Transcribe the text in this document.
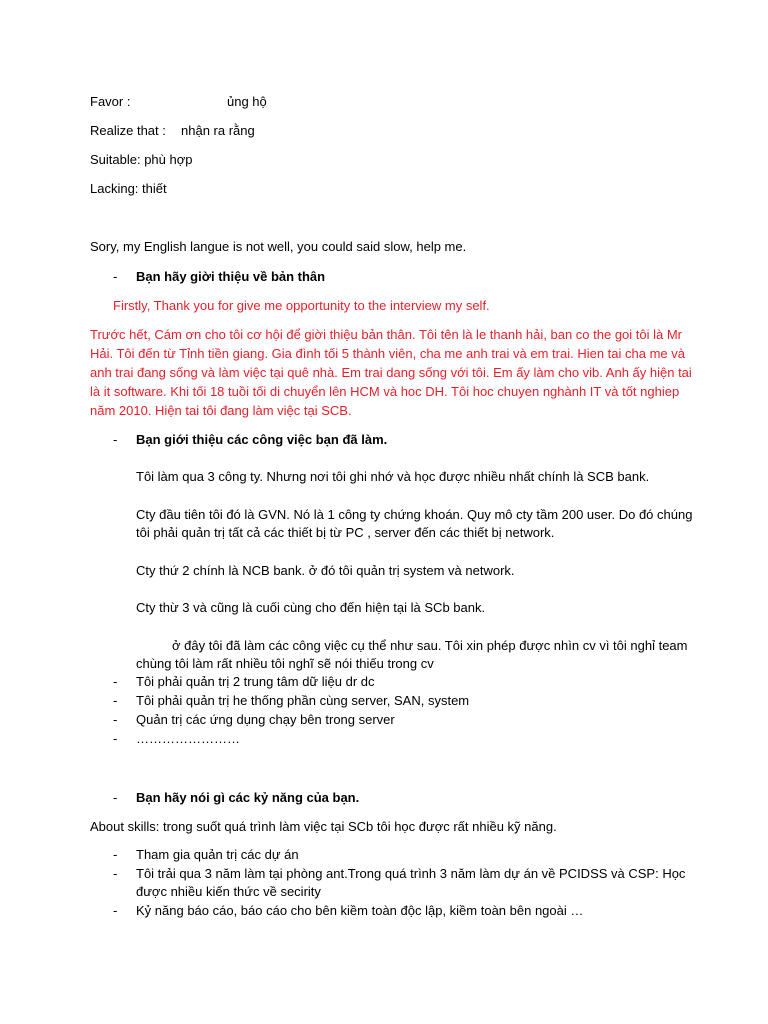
Favor :	ủng hộ
Realize that : nhận ra rằng
Suitable: phù hợp
Lacking: thiết
Sory, my English langue is not well, you could said slow, help me.
- Bạn hãy giời thiệu về bản thân
Firstly, Thank you for give me opportunity to the interview my self.
Trước hết, Cám ơn cho tôi cơ hội để giời thiệu bản thân. Tôi tên là le thanh hải, ban co the goi tôi là Mr
Hải. Tôi đến từ Tỉnh tiền giang. Gia đình tối 5 thành viên, cha me anh trai và em trai. Hien tai cha me và
anh trai đang sống và làm việc tại quê nhà. Em trai dang sống với tôi. Em ấy làm cho vib. Anh ấy hiện tai
là it software. Khi tối 18 tuồi tối di chuyển lên HCM và hoc DH. Tôi hoc chuyen nghành IT và tốt nghiep
năm 2010. Hiện tai tôi đang làm việc tại SCB.
- Bạn giới thiệu các công việc bạn đã làm.
Tôi làm qua 3 công ty. Nhưng nơi tôi ghi nhớ và học được nhiều nhất chính là SCB bank.
Cty đầu tiên tôi đó là GVN. Nó là 1 công ty chứng khoán. Quy mô cty tầm 200 user. Do đó chúng
tôi phải quản trị tất cả các thiết bị từ PC , server đến các thiết bị network.
Cty thứ 2 chính là NCB bank. ở đó tôi quản trị system và network.
Cty thừ 3 và cũng là cuối cùng cho đến hiện tại là SCb bank.
ở đây tôi đã làm các công việc cụ thể như sau. Tôi xin phép được nhìn cv vì tôi nghỉ team
chùng tôi làm rất nhiều tôi nghĩ sẽ nói thiếu trong cv
- Tôi phải quản trị 2 trung tâm dữ liệu dr dc
- Tôi phải quản trị he thống phần cùng server, SAN, system
- Quản trị các ứng dụng chạy bên trong server
- ……………………
- Bạn hãy nói gì các kỷ năng của bạn.
About skills: trong suốt quá trình làm việc tại SCb tôi học được rất nhiều kỹ năng.
- Tham gia quản trị các dự án
- Tôi trải qua 3 năm làm tại phòng ant.Trong quá trình 3 năm làm dự án về PCIDSS và CSP: Học
được nhiều kiến thức về secirity
- Kỷ năng báo cáo, báo cáo cho bên kiềm toàn độc lập, kiềm toàn bên ngoài …
